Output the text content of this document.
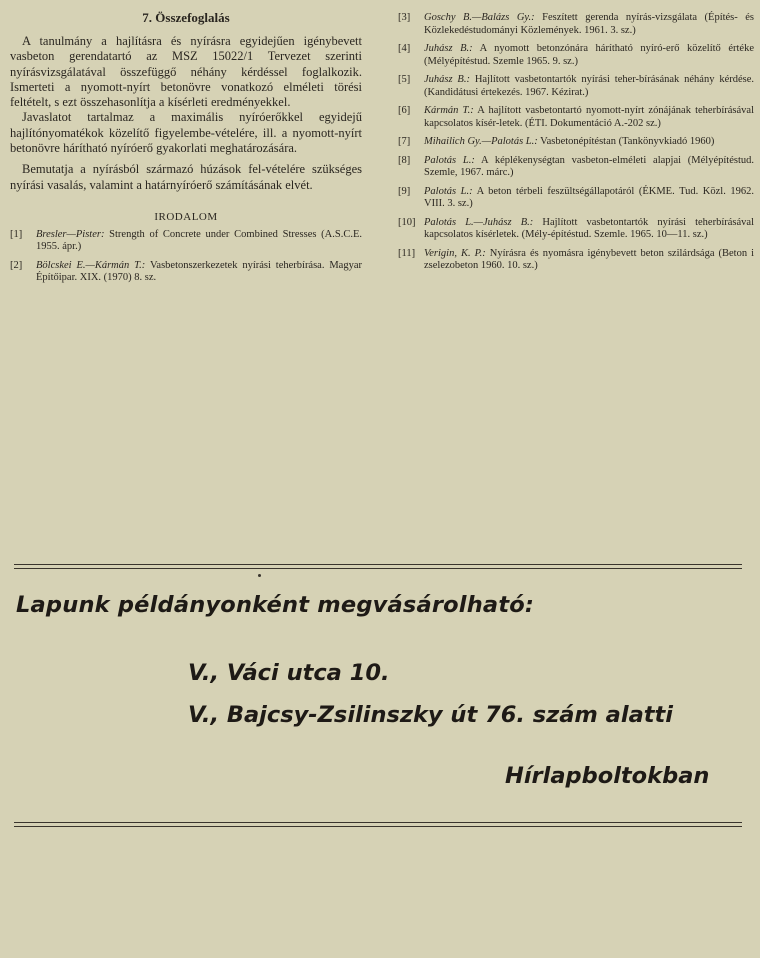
7. Összefoglalás

A tanulmány a hajlításra és nyírásra egyidejűen igénybevett vasbeton gerendatartó az MSZ 15022/1 Tervezet szerinti nyírásvizsgálatával összefüggő néhány kérdéssel foglalkozik. Ismerteti a nyomott-nyírt betonövre vonatkozó elméleti törési feltételt, s ezt összehasonlítja a kísérleti eredményekkel.

Javaslatot tartalmaz a maximális nyíróerőkkel egyidejű hajlítónyomatékok közelítő figyelembe-vételére, ill. a nyomott-nyírt betonövre hárítható nyíróerő gyakorlati meghatározására.

Bemutatja a nyírásból származó húzások fel-vételére szükséges nyírási vasalás, valamint a határnyíróerő számításának elvét.

IRODALOM
[1]	Bresler—Pister: Strength of Concrete under Combined Stresses (A.S.C.E. 1955. ápr.)
[2]	Bölcskei E.—Kármán T.: Vasbetonszerkezetek nyírási teherbírása. Magyar Építőipar. XIX. (1970) 8. sz.
[3]	Goschy B.—Balázs Gy.: Feszített gerenda nyírás-vizsgálata (Építés- és Közlekedéstudományi Közlemények. 1961. 3. sz.)
[4]	Juhász B.: A nyomott betonzónára hárítható nyíró-erő közelítő értéke (Mélyépítéstud. Szemle 1965. 9. sz.)
[5]	Juhász B.: Hajlított vasbetontartók nyírási teher-bírásának néhány kérdése. (Kandidátusi értekezés. 1967. Kézirat.)
[6]	Kármán T.: A hajlított vasbetontartó nyomott-nyírt zónájának teherbírásával kapcsolatos kísér-letek. (ÉTI. Dokumentáció A.-202 sz.)
[7]	Mihailich Gy.—Palotás L.: Vasbetonépítéstan (Tankönyvkiadó 1960)
[8]	Palotás L.: A képlékenységtan vasbeton-elméleti alapjai (Mélyépítéstud. Szemle, 1967. márc.)
[9]	Palotás L.: A beton térbeli feszültségállapotáról (ÉKME. Tud. Közl. 1962. VIII. 3. sz.)
[10] Palotás L.—Juhász B.: Hajlított vasbetontartók nyírási teherbírásával kapcsolatos kísérletek. (Mély-építéstud. Szemle. 1965. 10—11. sz.)
[11] Verigin, K. P.: Nyírásra és nyomásra igénybevett beton szilárdsága (Beton i zselezobeton 1960. 10. sz.)
Lapunk példányonként megvásárolható:
V., Váci utca 10.
V., Bajcsy-Zsilinszky út 76. szám alatti
Hírlapboltokban
